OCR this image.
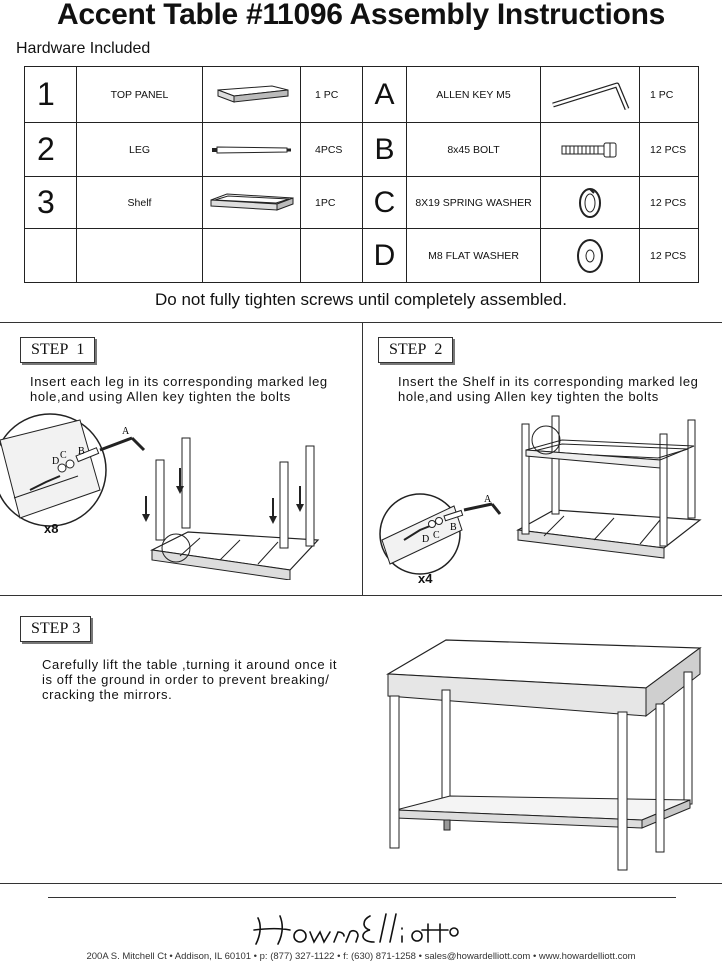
Accent Table #11096 Assembly Instructions
Hardware Included
1	TOP PANEL		1 PC	A	ALLEN KEY M5		1 PC
2	LEG		4PCS	B	8x45 BOLT		12 PCS
3	Shelf		1PC	C	8X19 SPRING WASHER		12 PCS
				D	M8 FLAT WASHER		12 PCS
Do not fully tighten screws until completely assembled.
STEP 1
Insert each leg in its corresponding marked leg
hole,and using Allen key tighten the bolts
D
C B
A
x8
STEP 2
Insert the Shelf in its corresponding marked leg
hole,and using Allen key tighten the bolts
D C
B
A
x4
STEP 3
Carefully lift the table ,turning it around once it
is off the ground in order to prevent breaking/
cracking the mirrors.
Howard Elliott
200A S. Mitchell Ct • Addison, IL 60101 • p: (877) 327-1122 • f: (630) 871-1258 • sales@howardelliott.com • www.howardelliott.com
